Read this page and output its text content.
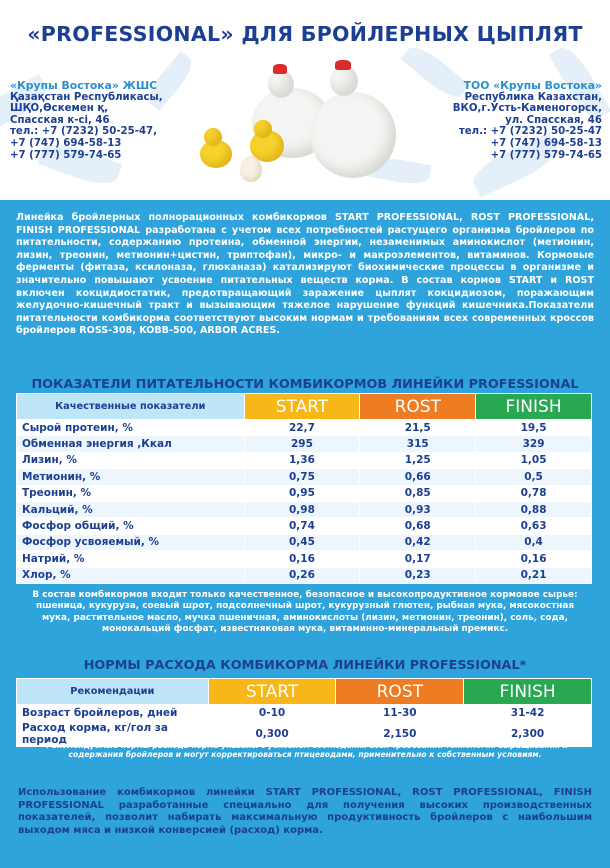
«PROFESSIONAL» ДЛЯ БРОЙЛЕРНЫХ ЦЫПЛЯТ
«Крупы Востока» ЖШС
Қазақстан Республикасы,
ШҚО,Өскемен қ,
Спасская к-сі, 46
тел.: +7 (7232) 50-25-47,
+7 (747) 694-58-13
+7 (777) 579-74-65
ТОО «Крупы Востока»
Республика Казахстан,
ВКО,г.Усть-Каменогорск,
ул. Спасская, 46
тел.: +7 (7232) 50-25-47
+7 (747) 694-58-13
+7 (777) 579-74-65
Линейка бройлерных полнорационных комбикормов START PROFESSIONAL, ROST PROFESSIONAL, FINISH PROFESSIONAL разработана с учетом всех потребностей растущего организма бройлеров по питательности, содержанию протеина, обменной энергии, незаменимых аминокислот (метионин, лизин, треонин, метионин+цистин, триптофан), микро- и макроэлементов, витаминов. Кормовые ферменты (фитаза, ксилоназа, глюканаза) катализируют биохимические процессы в организме и значительно повышают усвоение питательных веществ корма. В состав кормов START и ROST включен кокцидиостатик, предотвращающий заражение цыплят кокцидиозом, поражающим желудочно-кишечный тракт и вызывающим тяжелое нарушение функций кишечника.Показатели питательности комбикорма соответствуют высоким нормам и требованиям всех современных кроссов бройлеров ROSS-308, KOBB-500, ARBOR ACRES.
ПОКАЗАТЕЛИ ПИТАТЕЛЬНОСТИ КОМБИКОРМОВ ЛИНЕЙКИ PROFESSIONAL
Качественные показатели	START	ROST	FINISH
Сырой протеин, %	22,7	21,5	19,5
Обменная энергия ,Ккал	295	315	329
Лизин, %	1,36	1,25	1,05
Метионин, %	0,75	0,66	0,5
Треонин, %	0,95	0,85	0,78
Кальций, %	0,98	0,93	0,88
Фосфор общий, %	0,74	0,68	0,63
Фосфор усвояемый, %	0,45	0,42	0,4
Натрий, %	0,16	0,17	0,16
Хлор, %	0,26	0,23	0,21
В состав комбикормов входит только качественное, безопасное и высокопродуктивное кормовое сырье: пшеница, кукуруза, соевый шрот, подсолнечный шрот, кукурузный глютен, рыбная мука, мясокостная мука, растительное масло, мучка пшеничная, аминокислоты (лизин, метионин, треонин), соль, сода, монокальций фосфат, известняковая мука, витаминно-минеральный премикс.
НОРМЫ РАСХОДА КОМБИКОРМА ЛИНЕЙКИ PROFESSIONAL*
Рекомендации	START	ROST	FINISH
Возраст бройлеров, дней	0-10	11-30	31-42
Расход корма, кг/гол за период	0,300	2,150	2,300
*Рекомендуемые нормы расхода корма указаны с условием соблюдения всех требований технологии выращивания и содержания бройлеров и могут корректироваться птицеводами, применительно к собственным условиям.
Использование комбикормов линейки START PROFESSIONAL, ROST PROFESSIONAL, FINISH PROFESSIONAL разработанные специально для получения высоких производственных показателей, позволит набирать максимальную продуктивность бройлеров с наибольшим выходом мяса и низкой конверсией (расход) корма.
